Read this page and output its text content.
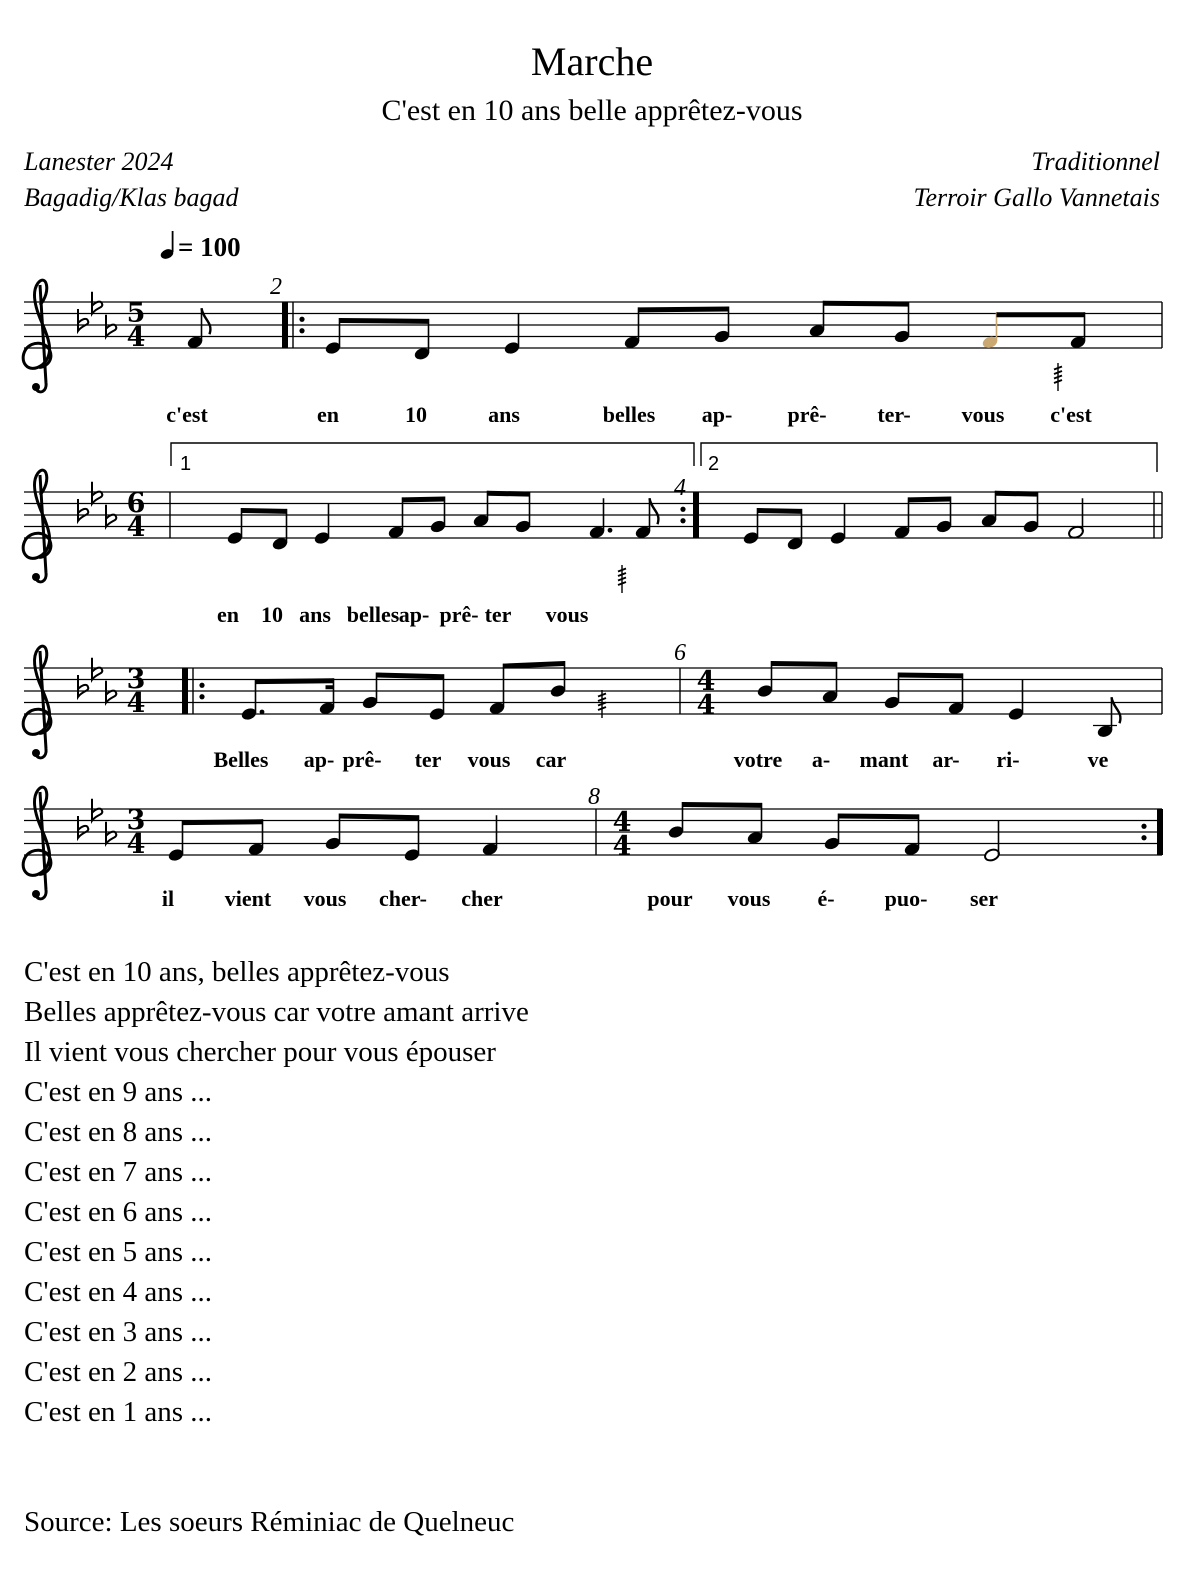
Marche
C'est en 10 ans belle apprêtez-vous
Lanester 2024
Bagadig/Klas bagad
Traditionnel
Terroir Gallo Vannetais
= 100
5
4
2
c'est	en	10	ans	belles ap-	prê- ter- vous c'est
6
4
4
1	2
en 10 ans belles ap- prê- ter vous
3
4
6
4
4
Belles ap- prê- ter vous car	votre a- mant ar- ri-	ve
3
4
8
4
4
il vient vous cher- cher	pour vous é- puo- ser
C'est en 10 ans, belles apprêtez-vous
Belles apprêtez-vous car votre amant arrive
Il vient vous chercher pour vous épouser
C'est en 9 ans ...
C'est en 8 ans ...
C'est en 7 ans ...
C'est en 6 ans ...
C'est en 5 ans ...
C'est en 4 ans ...
C'est en 3 ans ...
C'est en 2 ans ...
C'est en 1 ans ...
Source: Les soeurs Réminiac de Quelneuc
